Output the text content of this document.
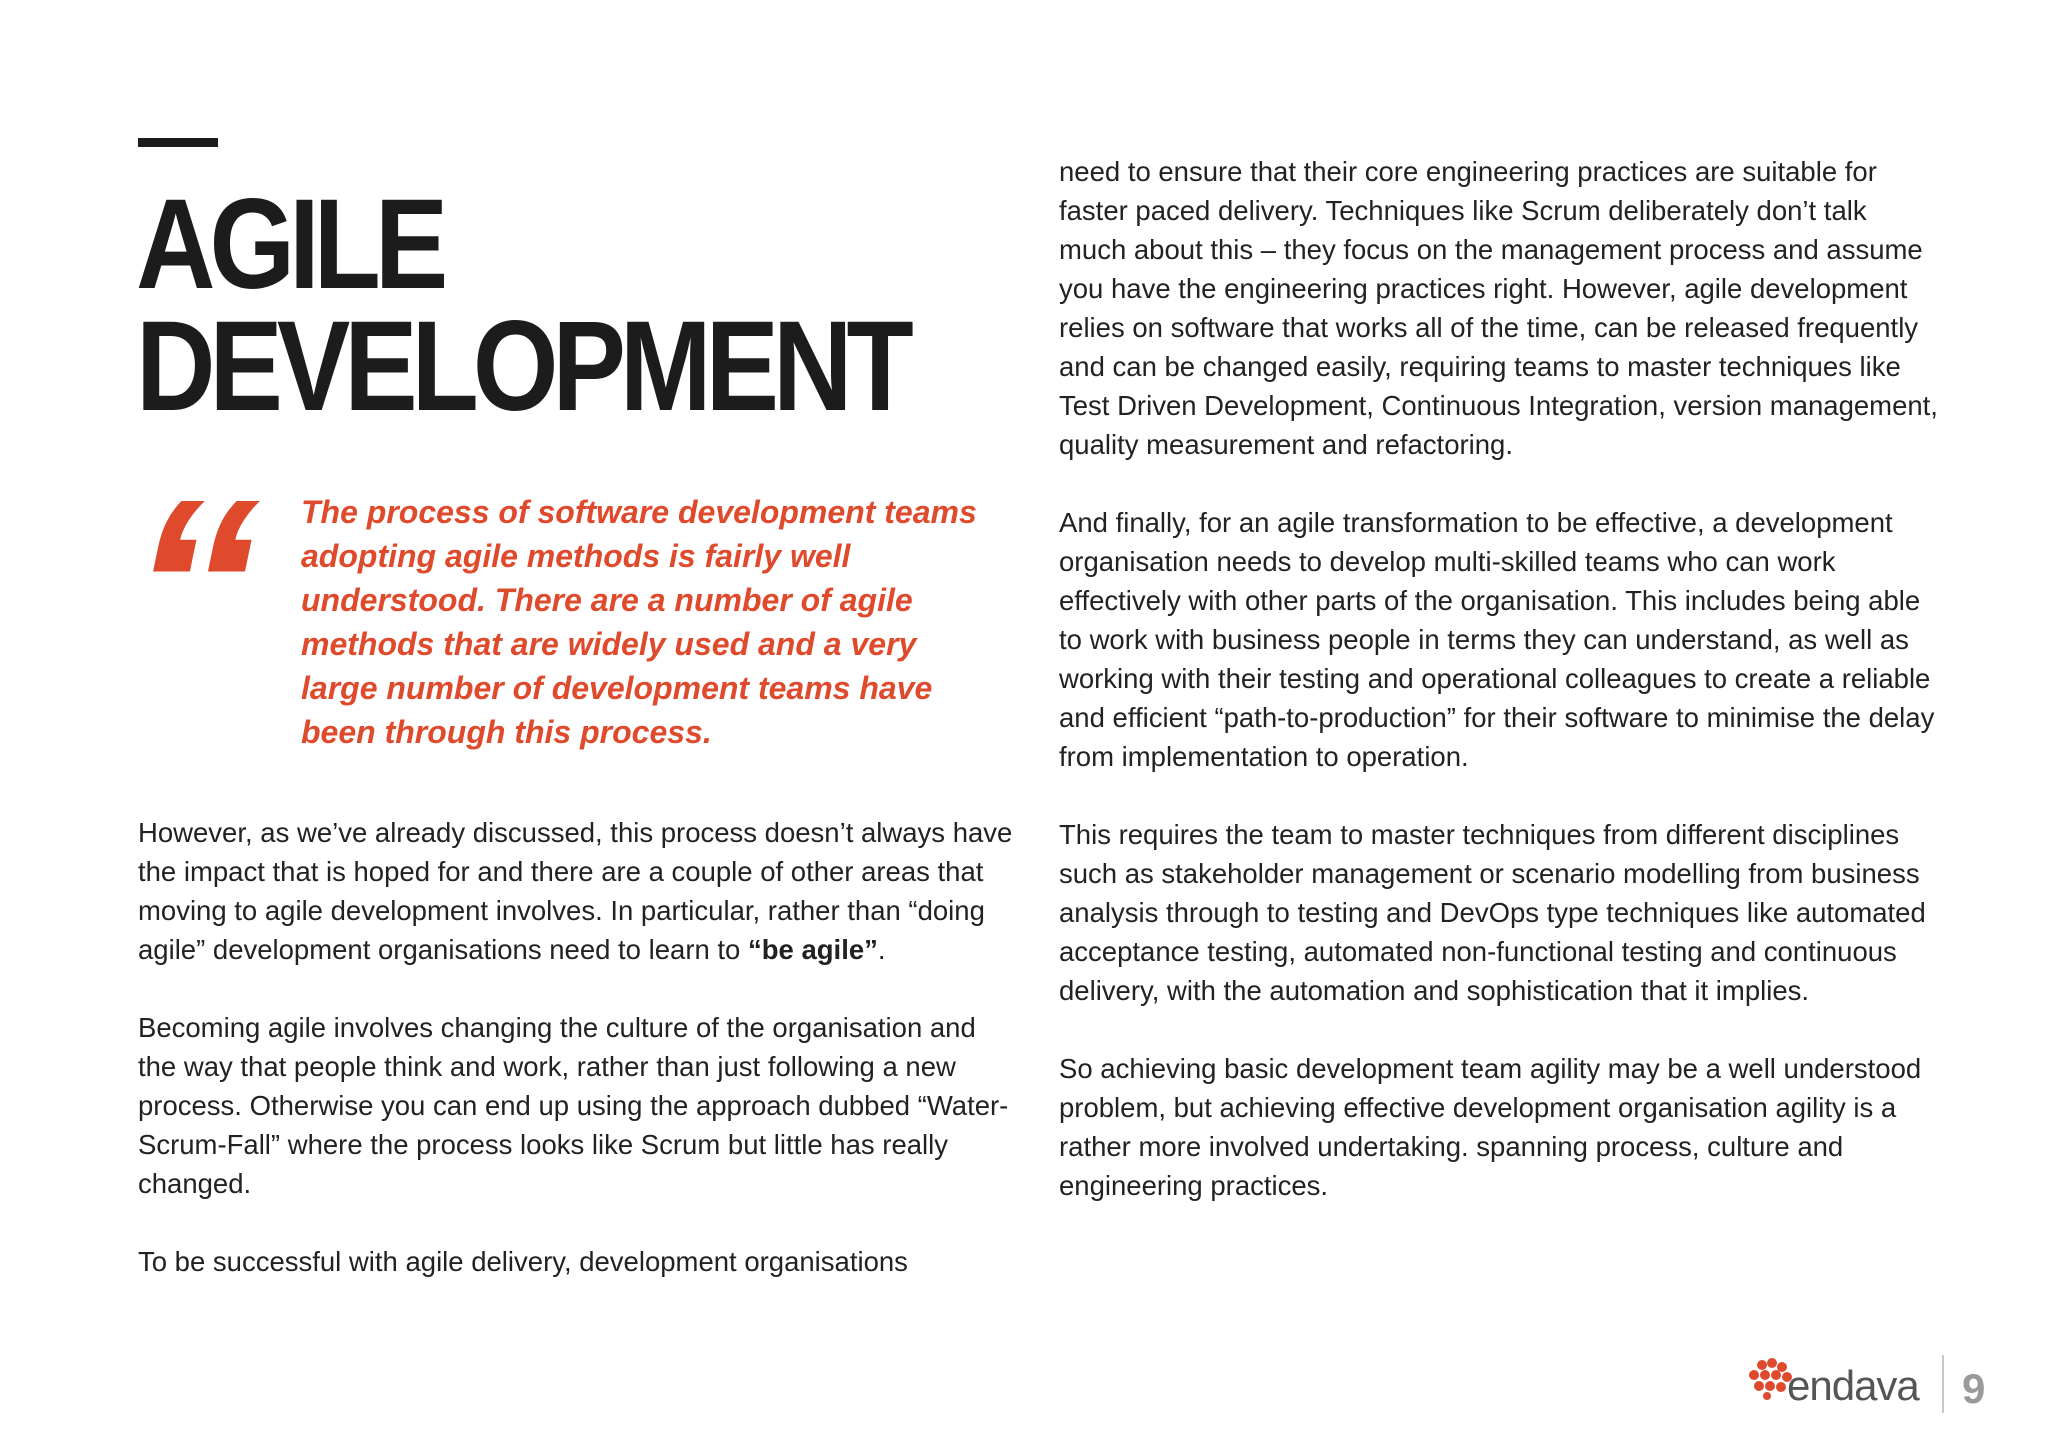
AGILE
DEVELOPMENT
“ The process of software development teams adopting agile methods is fairly well understood. There are a number of agile methods that are widely used and a very large number of development teams have been through this process.

However, as we’ve already discussed, this process doesn’t always have the impact that is hoped for and there are a couple of other areas that moving to agile development involves. In particular, rather than “doing agile” development organisations need to learn to “be agile”.

Becoming agile involves changing the culture of the organisation and the way that people think and work, rather than just following a new process. Otherwise you can end up using the approach dubbed “Water-Scrum-Fall” where the process looks like Scrum but little has really changed.

To be successful with agile delivery, development organisations

need to ensure that their core engineering practices are suitable for faster paced delivery. Techniques like Scrum deliberately don’t talk much about this – they focus on the management process and assume you have the engineering practices right. However, agile development relies on software that works all of the time, can be released frequently and can be changed easily, requiring teams to master techniques like Test Driven Development, Continuous Integration, version management, quality measurement and refactoring.

And finally, for an agile transformation to be effective, a development organisation needs to develop multi-skilled teams who can work effectively with other parts of the organisation. This includes being able to work with business people in terms they can understand, as well as working with their testing and operational colleagues to create a reliable and efficient “path-to-production” for their software to minimise the delay from implementation to operation.

This requires the team to master techniques from different disciplines such as stakeholder management or scenario modelling from business analysis through to testing and DevOps type techniques like automated acceptance testing, automated non-functional testing and continuous delivery, with the automation and sophistication that it implies.

So achieving basic development team agility may be a well understood problem, but achieving effective development organisation agility is a rather more involved undertaking. spanning process, culture and engineering practices.

endava 9
